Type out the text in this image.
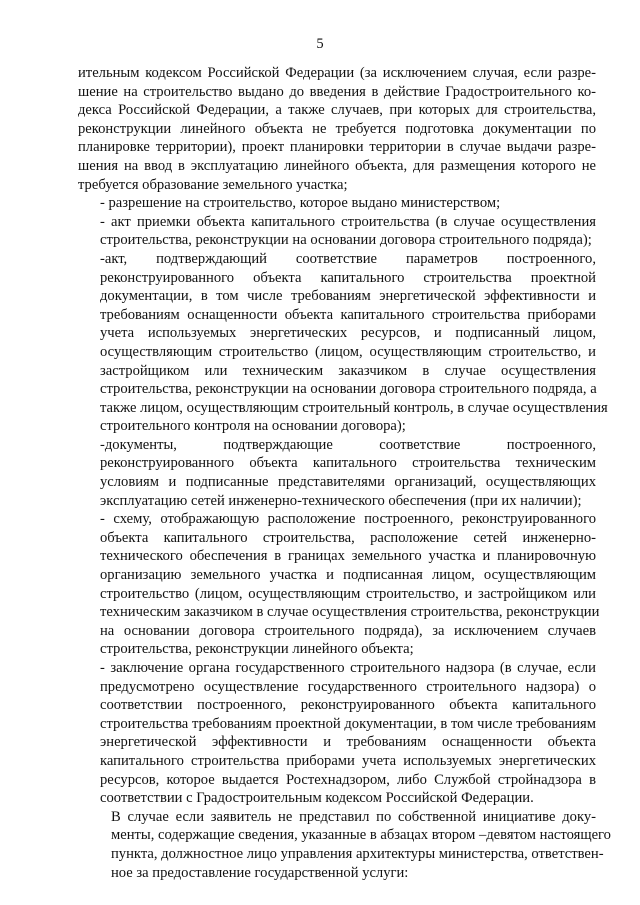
5
ительным кодексом Российской Федерации (за исключением случая, если разре-
шение на строительство выдано до введения в действие Градостроительного ко-
декса Российской Федерации, а также случаев, при которых для строительства,
реконструкции линейного объекта не требуется подготовка документации по
планировке территории), проект планировки территории в случае выдачи разре-
шения на ввод в эксплуатацию линейного объекта, для размещения которого не
требуется образование земельного участка;
- разрешение на строительство, которое выдано министерством;
- акт приемки объекта капитального строительства (в случае осуществления
строительства, реконструкции на основании договора строительного подряда);
-акт, подтверждающий соответствие параметров построенного,
реконструированного объекта капитального строительства проектной
документации, в том числе требованиям энергетической эффективности и
требованиям оснащенности объекта капитального строительства приборами
учета используемых энергетических ресурсов, и подписанный лицом,
осуществляющим строительство (лицом, осуществляющим строительство, и
застройщиком или техническим заказчиком в случае осуществления
строительства, реконструкции на основании договора строительного подряда, а
также лицом, осуществляющим строительный контроль, в случае осуществления
строительного контроля на основании договора);
-документы, подтверждающие соответствие построенного,
реконструированного объекта капитального строительства техническим
условиям и подписанные представителями организаций, осуществляющих
эксплуатацию сетей инженерно-технического обеспечения (при их наличии);
- схему, отображающую расположение построенного, реконструированного
объекта капитального строительства, расположение сетей инженерно-
технического обеспечения в границах земельного участка и планировочную
организацию земельного участка и подписанная лицом, осуществляющим
строительство (лицом, осуществляющим строительство, и застройщиком или
техническим заказчиком в случае осуществления строительства, реконструкции
на основании договора строительного подряда), за исключением случаев
строительства, реконструкции линейного объекта;
- заключение органа государственного строительного надзора (в случае, если
предусмотрено осуществление государственного строительного надзора) о
соответствии построенного, реконструированного объекта капитального
строительства требованиям проектной документации, в том числе требованиям
энергетической эффективности и требованиям оснащенности объекта
капитального строительства приборами учета используемых энергетических
ресурсов, которое выдается Ростехнадзором, либо Службой стройнадзора в
соответствии с Градостроительным кодексом Российской Федерации.
В случае если заявитель не представил по собственной инициативе доку-
менты, содержащие сведения, указанные в абзацах втором –девятом настоящего
пункта, должностное лицо управления архитектуры министерства, ответствен-
ное за предоставление государственной услуги:
